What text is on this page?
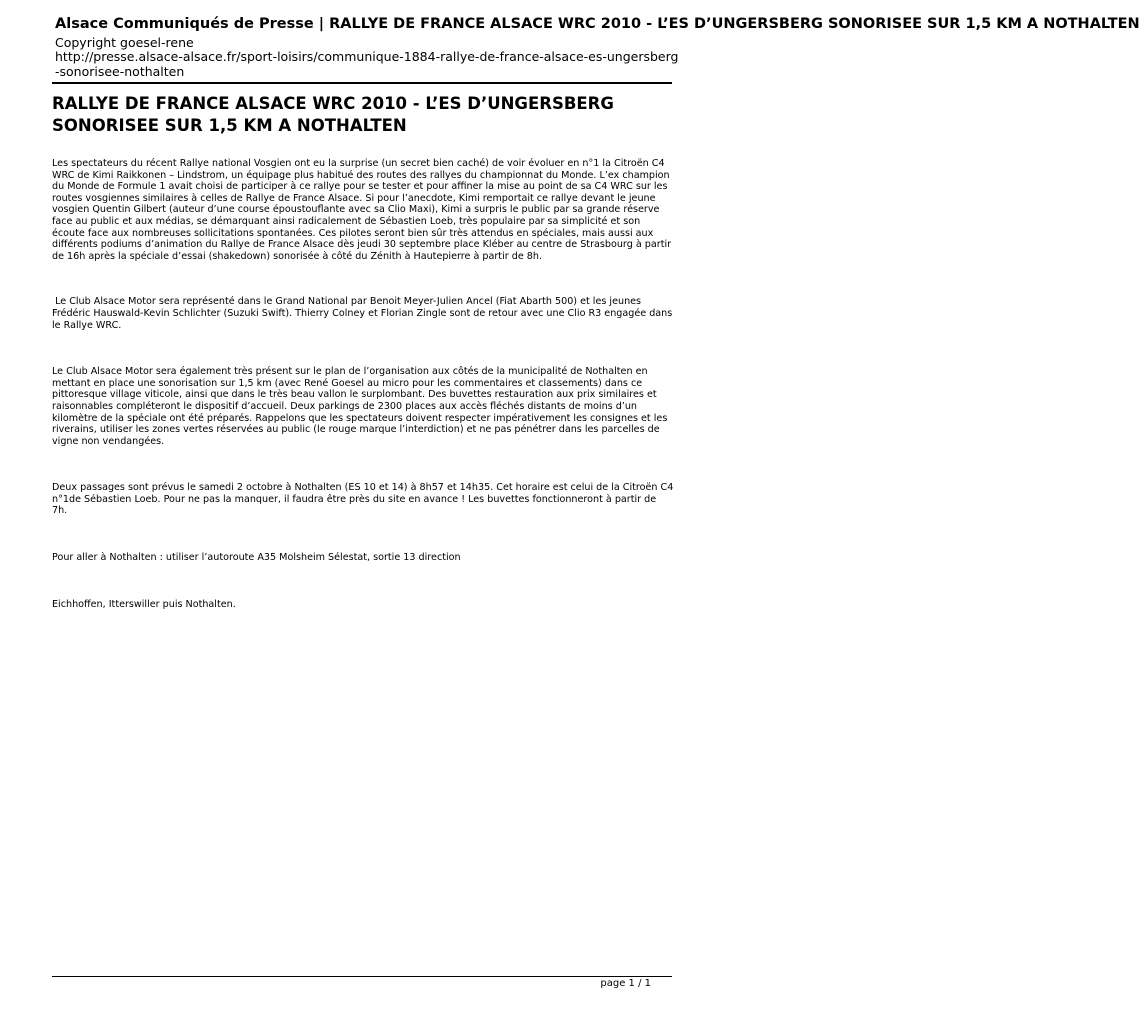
Alsace Communiqués de Presse | RALLYE DE FRANCE ALSACE WRC 2010 - L’ES D’UNGERSBERG SONORISEE SUR 1,5 KM A NOTHALTEN
Copyright goesel-rene
http://presse.alsace-alsace.fr/sport-loisirs/communique-1884-rallye-de-france-alsace-es-ungersberg-sonorisee-nothalten
RALLYE DE FRANCE ALSACE WRC 2010 - L’ES D’UNGERSBERG SONORISEE SUR 1,5 KM A NOTHALTEN

Les spectateurs du récent Rallye national Vosgien ont eu la surprise (un secret bien caché) de voir évoluer en n°1 la Citroën C4 WRC de Kimi Raikkonen – Lindstrom, un équipage plus habitué des routes des rallyes du championnat du Monde. L’ex champion du Monde de Formule 1 avait choisi de participer à ce rallye pour se tester et pour affiner la mise au point de sa C4 WRC sur les routes vosgiennes similaires à celles de Rallye de France Alsace. Si pour l’anecdote, Kimi remportait ce rallye devant le jeune vosgien Quentin Gilbert (auteur d’une course époustouflante avec sa Clio Maxi), Kimi a surpris le public par sa grande réserve face au public et aux médias, se démarquant ainsi radicalement de Sébastien Loeb, très populaire par sa simplicité et son écoute face aux nombreuses sollicitations spontanées. Ces pilotes seront bien sûr très attendus en spéciales, mais aussi aux différents podiums d’animation du Rallye de France Alsace dès jeudi 30 septembre place Kléber au centre de Strasbourg à partir de 16h après la spéciale d’essai (shakedown) sonorisée à côté du Zénith à Hautepierre à partir de 8h.

Le Club Alsace Motor sera représenté dans le Grand National par Benoit Meyer-Julien Ancel (Fiat Abarth 500) et les jeunes Frédéric Hauswald-Kevin Schlichter (Suzuki Swift). Thierry Colney et Florian Zingle sont de retour avec une Clio R3 engagée dans le Rallye WRC.

Le Club Alsace Motor sera également très présent sur le plan de l’organisation aux côtés de la municipalité de Nothalten en mettant en place une sonorisation sur 1,5 km (avec René Goesel au micro pour les commentaires et classements) dans ce pittoresque village viticole, ainsi que dans le très beau vallon le surplombant. Des buvettes restauration aux prix similaires et raisonnables compléteront le dispositif d’accueil. Deux parkings de 2300 places aux accès fléchés distants de moins d’un kilomètre de la spéciale ont été préparés. Rappelons que les spectateurs doivent respecter impérativement les consignes et les riverains, utiliser les zones vertes réservées au public (le rouge marque l’interdiction) et ne pas pénétrer dans les parcelles de vigne non vendangées.

Deux passages sont prévus le samedi 2 octobre à Nothalten (ES 10 et 14) à 8h57 et 14h35. Cet horaire est celui de la Citroën C4 n°1de Sébastien Loeb. Pour ne pas la manquer, il faudra être près du site en avance ! Les buvettes fonctionneront à partir de 7h.

Pour aller à Nothalten : utiliser l’autoroute A35 Molsheim Sélestat, sortie 13 direction

Eichhoffen, Itterswiller puis Nothalten.

page 1 / 1
